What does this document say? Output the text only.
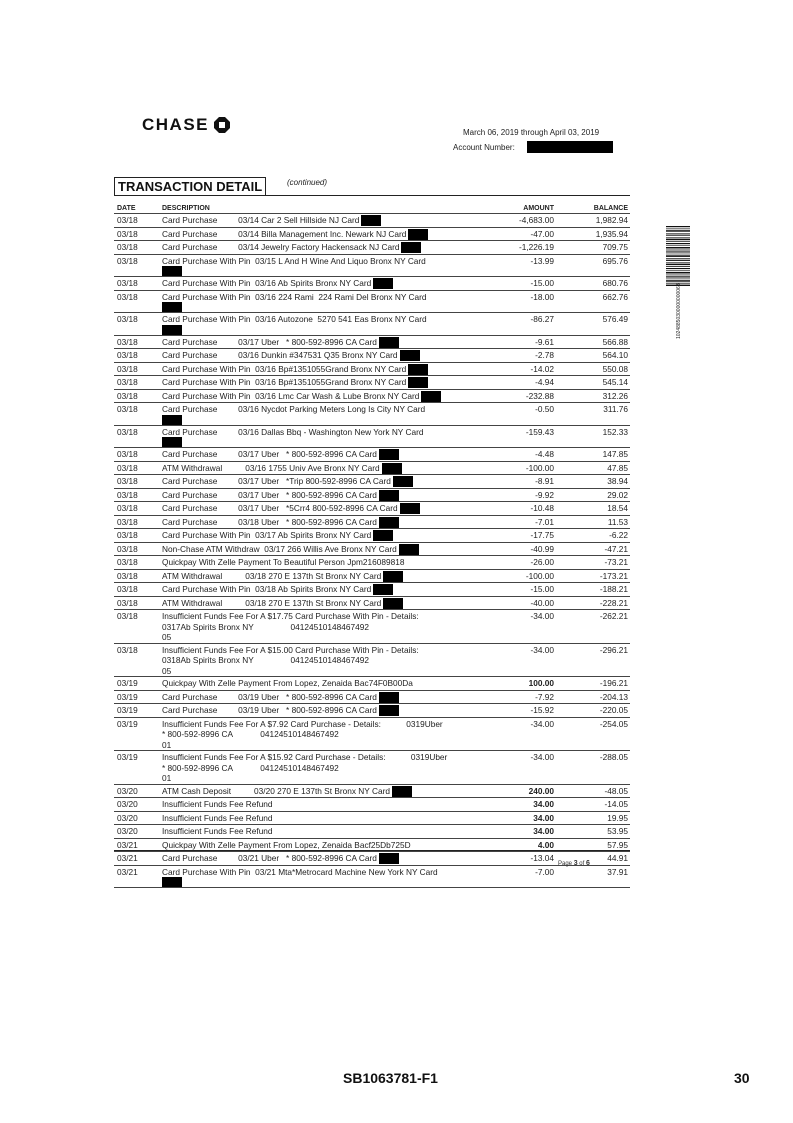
CHASE	March 06, 2019 through April 03, 2019
Account Number:
TRANSACTION DETAIL	(continued)
10248850300000000063
DATE	DESCRIPTION	AMOUNT	BALANCE
03/18	Card Purchase         03/14 Car 2 Sell Hillside NJ Card	-4,683.00	1,982.94
03/18	Card Purchase         03/14 Billa Management Inc. Newark NJ Card	-47.00	1,935.94
03/18	Card Purchase         03/14 Jewelry Factory Hackensack NJ Card	-1,226.19	709.75
03/18	Card Purchase With Pin  03/15 L And H Wine And Liquo Bronx NY Card	-13.99	695.76
03/18	Card Purchase With Pin  03/16 Ab Spirits Bronx NY Card	-15.00	680.76
03/18	Card Purchase With Pin  03/16 224 Rami  224 Rami Del Bronx NY Card	-18.00	662.76
03/18	Card Purchase With Pin  03/16 Autozone  5270 541 Eas Bronx NY Card	-86.27	576.49
03/18	Card Purchase         03/17 Uber   * 800-592-8996 CA Card	-9.61	566.88
03/18	Card Purchase         03/16 Dunkin #347531 Q35 Bronx NY Card	-2.78	564.10
03/18	Card Purchase With Pin  03/16 Bp#1351055Grand Bronx NY Card	-14.02	550.08
03/18	Card Purchase With Pin  03/16 Bp#1351055Grand Bronx NY Card	-4.94	545.14
03/18	Card Purchase With Pin  03/16 Lmc Car Wash & Lube Bronx NY Card	-232.88	312.26
03/18	Card Purchase         03/16 Nycdot Parking Meters Long Is City NY Card	-0.50	311.76
03/18	Card Purchase         03/16 Dallas Bbq - Washington New York NY Card	-159.43	152.33
03/18	Card Purchase         03/17 Uber   * 800-592-8996 CA Card	-4.48	147.85
03/18	ATM Withdrawal          03/16 1755 Univ Ave Bronx NY Card	-100.00	47.85
03/18	Card Purchase         03/17 Uber   *Trip 800-592-8996 CA Card	-8.91	38.94
03/18	Card Purchase         03/17 Uber   * 800-592-8996 CA Card	-9.92	29.02
03/18	Card Purchase         03/17 Uber   *5Crr4 800-592-8996 CA Card	-10.48	18.54
03/18	Card Purchase         03/18 Uber   * 800-592-8996 CA Card	-7.01	11.53
03/18	Card Purchase With Pin  03/17 Ab Spirits Bronx NY Card	-17.75	-6.22
03/18	Non-Chase ATM Withdraw  03/17 266 Willis Ave Bronx NY Card	-40.99	-47.21
03/18	Quickpay With Zelle Payment To Beautiful Person Jpm216089818	-26.00	-73.21
03/18	ATM Withdrawal          03/18 270 E 137th St Bronx NY Card	-100.00	-173.21
03/18	Card Purchase With Pin  03/18 Ab Spirits Bronx NY Card	-15.00	-188.21
03/18	ATM Withdrawal          03/18 270 E 137th St Bronx NY Card	-40.00	-228.21
03/18	Insufficient Funds Fee For A $17.75 Card Purchase With Pin - Details:
0317Ab Spirits Bronx NY                04124510148467492
05
-34.00	-262.21
03/18	Insufficient Funds Fee For A $15.00 Card Purchase With Pin - Details:
0318Ab Spirits Bronx NY                04124510148467492
05
-34.00	-296.21
03/19	Quickpay With Zelle Payment From Lopez, Zenaida Bac74F0B00Da	100.00	-196.21
03/19	Card Purchase         03/19 Uber   * 800-592-8996 CA Card	-7.92	-204.13
03/19	Card Purchase         03/19 Uber   * 800-592-8996 CA Card	-15.92	-220.05
03/19	Insufficient Funds Fee For A $7.92 Card Purchase - Details:           0319Uber
* 800-592-8996 CA            04124510148467492
01
-34.00	-254.05
03/19	Insufficient Funds Fee For A $15.92 Card Purchase - Details:           0319Uber
* 800-592-8996 CA            04124510148467492
01
-34.00	-288.05
03/20	ATM Cash Deposit          03/20 270 E 137th St Bronx NY Card	240.00	-48.05
03/20	Insufficient Funds Fee Refund	34.00	-14.05
03/20	Insufficient Funds Fee Refund	34.00	19.95
03/20	Insufficient Funds Fee Refund	34.00	53.95
03/21	Quickpay With Zelle Payment From Lopez, Zenaida Bacf25Db725D	4.00	57.95
03/21	Card Purchase         03/21 Uber   * 800-592-8996 CA Card	-13.04	44.91
03/21	Card Purchase With Pin  03/21 Mta*Metrocard Machine New York NY Card	-7.00	37.91
Page 3 of 6
SB1063781-F1	30
